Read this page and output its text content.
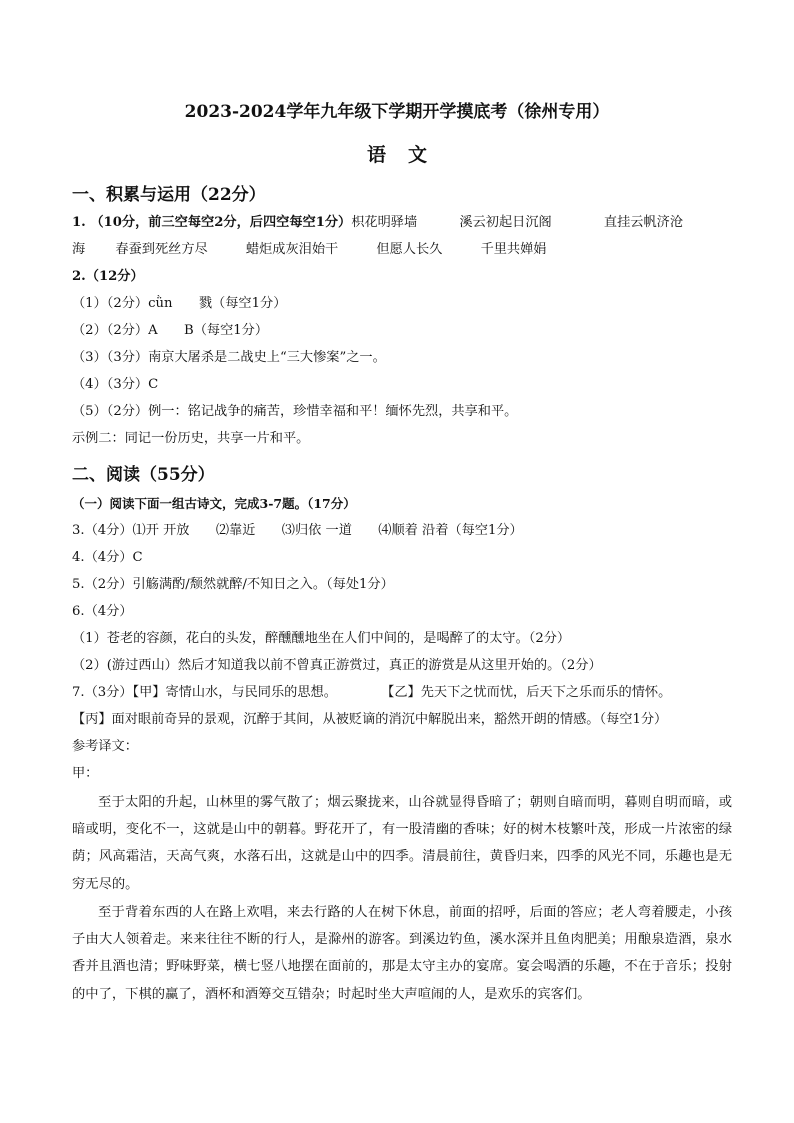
2023-2024学年九年级下学期开学摸底考（徐州专用）
语文
一、积累与运用（22分）
1. （10分，前三空每空2分，后四空每空1分）枳花明驿墙	溪云初起日沉阁	直挂云帆济沧
海 春蚕到死丝方尽	蜡炬成灰泪始干	但愿人长久	千里共婵娟
2.（12分）
（1）（2分）cǜn　　戮（每空1分）
（2）（2分）A　　B（每空1分）
（3）（3分）南京大屠杀是二战史上“三大惨案”之一。
（4）（3分）C
（5）（2分）例一：铭记战争的痛苦，珍惜幸福和平！缅怀先烈，共享和平。
示例二：同记一份历史，共享一片和平。
二、阅读（55分）
（一）阅读下面一组古诗文，完成3-7题。（17分）
3.（4分）⑴开 开放　　⑵靠近　　⑶归依 一道　　⑷顺着 沿着（每空1分）
4.（4分）C
5.（2分）引觞满酌/颓然就醉/不知日之入。（每处1分）
6.（4分）
（1）苍老的容颜，花白的头发，醉醺醺地坐在人们中间的，是喝醉了的太守。（2分）
（2）(游过西山）然后才知道我以前不曾真正游赏过，真正的游赏是从这里开始的。（2分）
7.（3分）【甲】寄情山水，与民同乐的思想。	【乙】先天下之忧而忧，后天下之乐而乐的情怀。
【丙】面对眼前奇异的景观，沉醉于其间，从被贬谪的消沉中解脱出来，豁然开朗的情感。（每空1分）
参考译文：
甲：
至于太阳的升起，山林里的雾气散了；烟云聚拢来，山谷就显得昏暗了；朝则自暗而明，暮则自明而暗，或暗或明，变化不一，这就是山中的朝暮。野花开了，有一股清幽的香味；好的树木枝繁叶茂，形成一片浓密的绿荫；风高霜洁，天高气爽，水落石出，这就是山中的四季。清晨前往，黄昏归来，四季的风光不同，乐趣也是无穷无尽的。
至于背着东西的人在路上欢唱，来去行路的人在树下休息，前面的招呼，后面的答应；老人弯着腰走，小孩子由大人领着走。来来往往不断的行人，是滁州的游客。到溪边钓鱼，溪水深并且鱼肉肥美；用酿泉造酒，泉水香并且酒也清；野味野菜，横七竖八地摆在面前的，那是太守主办的宴席。宴会喝酒的乐趣，不在于音乐；投射的中了，下棋的赢了，酒杯和酒筹交互错杂；时起时坐大声喧闹的人，是欢乐的宾客们。
